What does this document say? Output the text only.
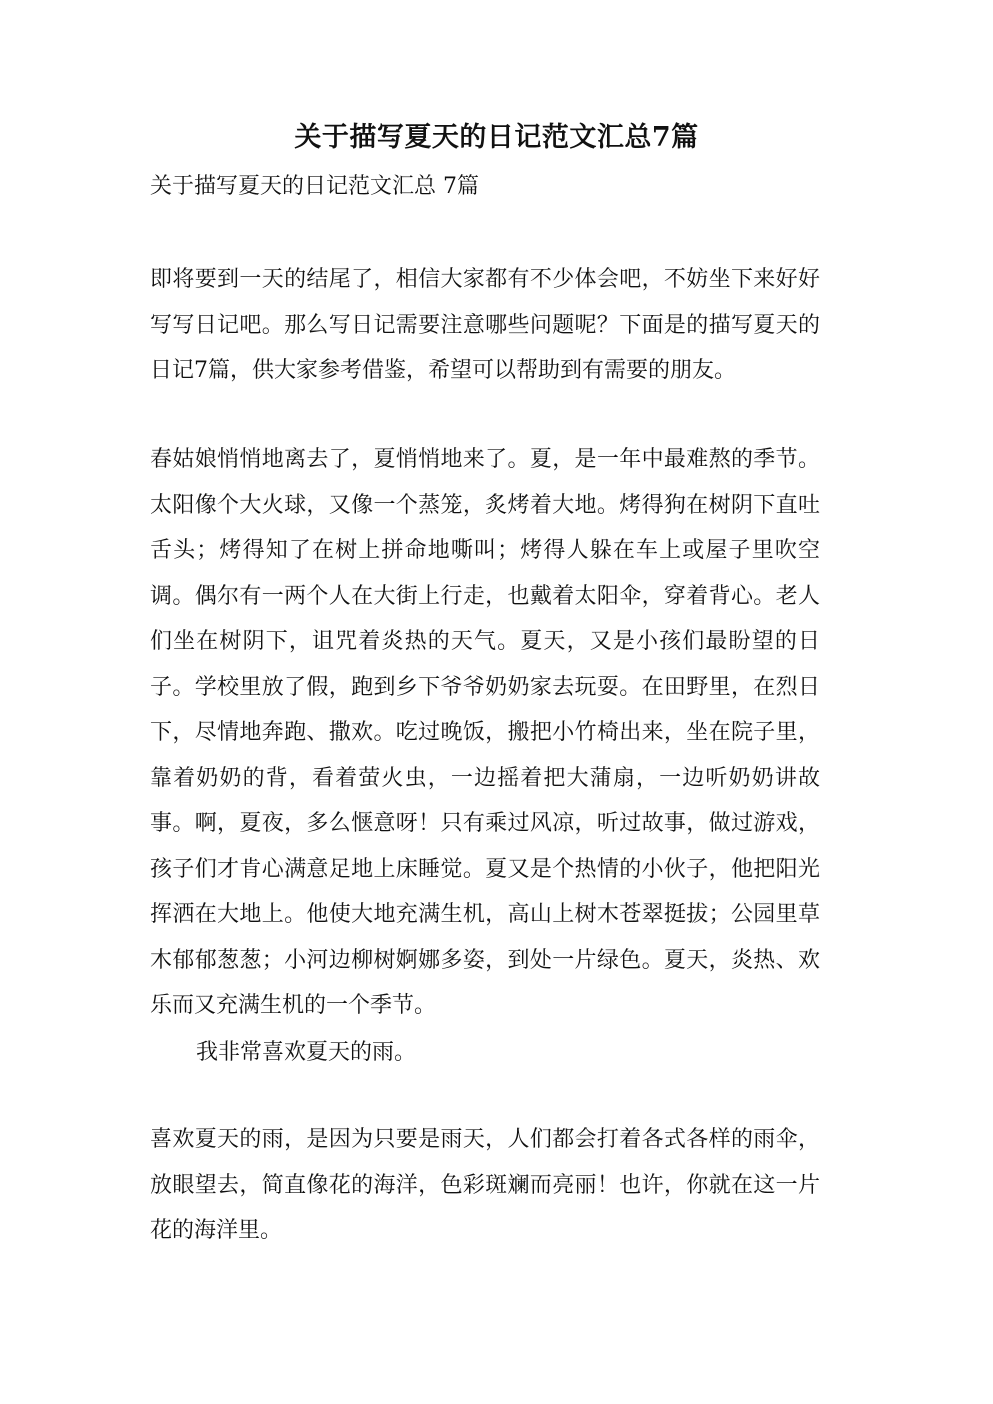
关于描写夏天的日记范文汇总7篇
关于描写夏天的日记范文汇总 7篇

即将要到一天的结尾了，相信大家都有不少体会吧，不妨坐下来好好写写日记吧。那么写日记需要注意哪些问题呢？下面是的描写夏天的日记7篇，供大家参考借鉴，希望可以帮助到有需要的朋友。

春姑娘悄悄地离去了，夏悄悄地来了。夏，是一年中最难熬的季节。太阳像个大火球，又像一个蒸笼，炙烤着大地。烤得狗在树阴下直吐舌头；烤得知了在树上拼命地嘶叫；烤得人躲在车上或屋子里吹空调。偶尔有一两个人在大街上行走，也戴着太阳伞，穿着背心。老人们坐在树阴下，诅咒着炎热的天气。夏天，又是小孩们最盼望的日子。学校里放了假，跑到乡下爷爷奶奶家去玩耍。在田野里，在烈日下，尽情地奔跑、撒欢。吃过晚饭，搬把小竹椅出来，坐在院子里，靠着奶奶的背，看着萤火虫，一边摇着把大蒲扇，一边听奶奶讲故事。啊，夏夜，多么惬意呀！只有乘过风凉，听过故事，做过游戏，孩子们才肯心满意足地上床睡觉。夏又是个热情的小伙子，他把阳光挥洒在大地上。他使大地充满生机，高山上树木苍翠挺拔；公园里草木郁郁葱葱；小河边柳树婀娜多姿，到处一片绿色。夏天，炎热、欢乐而又充满生机的一个季节。

我非常喜欢夏天的雨。

喜欢夏天的雨，是因为只要是雨天，人们都会打着各式各样的雨伞，放眼望去，简直像花的海洋，色彩斑斓而亮丽！也许，你就在这一片花的海洋里。
